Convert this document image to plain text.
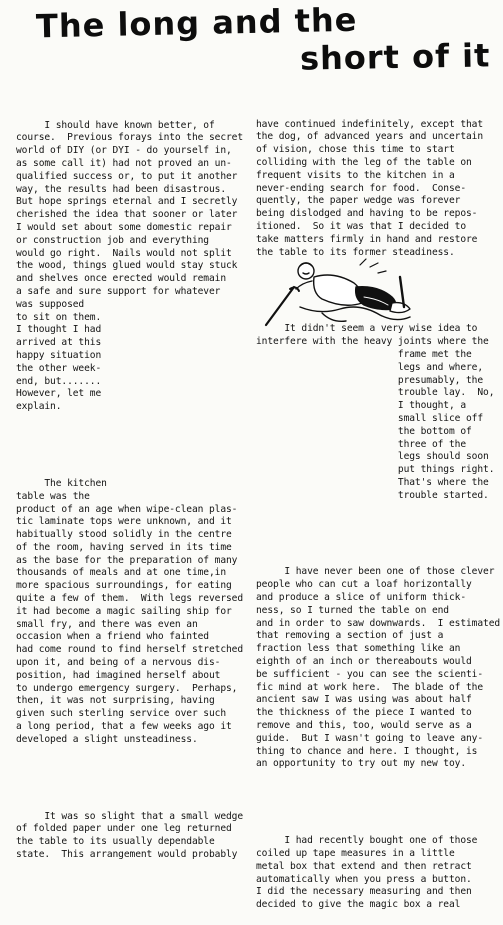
The long and the
short of it

I should have known better, of
course.  Previous forays into the secret
world of DIY (or DYI - do yourself in,
as some call it) had not proved an un-
qualified success or, to put it another
way, the results had been disastrous.
But hope springs eternal and I secretly
cherished the idea that sooner or later
I would set about some domestic repair
or construction job and everything
would go right.  Nails would not split
the wood, things glued would stay stuck
and shelves once erected would remain
a safe and sure support for whatever
was supposed
to sit on them.
I thought I had
arrived at this
happy situation
the other week-
end, but.......
However, let me
explain.

The kitchen
table was the
product of an age when wipe-clean plas-
tic laminate tops were unknown, and it
habitually stood solidly in the centre
of the room, having served in its time
as the base for the preparation of many
thousands of meals and at one time,in
more spacious surroundings, for eating
quite a few of them.  With legs reversed
it had become a magic sailing ship for
small fry, and there was even an
occasion when a friend who fainted
had come round to find herself stretched
upon it, and being of a nervous dis-
position, had imagined herself about
to undergo emergency surgery.  Perhaps,
then, it was not surprising, having
given such sterling service over such
a long period, that a few weeks ago it
developed a slight unsteadiness.

It was so slight that a small wedge
of folded paper under one leg returned
the table to its usually dependable
state.  This arrangement would probably

have continued indefinitely, except that
the dog, of advanced years and uncertain
of vision, chose this time to start
colliding with the leg of the table on
frequent visits to the kitchen in a
never-ending search for food.  Conse-
quently, the paper wedge was forever
being dislodged and having to be repos-
itioned.  So it was that I decided to
take matters firmly in hand and restore
the table to its former steadiness.

It didn't seem a very wise idea to
interfere with the heavy joints where the
frame met the
legs and where,
presumably, the
trouble lay.  No,
I thought, a
small slice off
the bottom of
three of the
legs should soon
put things right.
That's where the
trouble started.

I have never been one of those clever
people who can cut a loaf horizontally
and produce a slice of uniform thick-
ness, so I turned the table on end
and in order to saw downwards.  I estimated
that removing a section of just a
fraction less that something like an
eighth of an inch or thereabouts would
be sufficient - you can see the scienti-
fic mind at work here.  The blade of the
ancient saw I was using was about half
the thickness of the piece I wanted to
remove and this, too, would serve as a
guide.  But I wasn't going to leave any-
thing to chance and here. I thought, is
an opportunity to try out my new toy.

I had recently bought one of those
coiled up tape measures in a little
metal box that extend and then retract
automatically when you press a button.
I did the necessary measuring and then
decided to give the magic box a real
